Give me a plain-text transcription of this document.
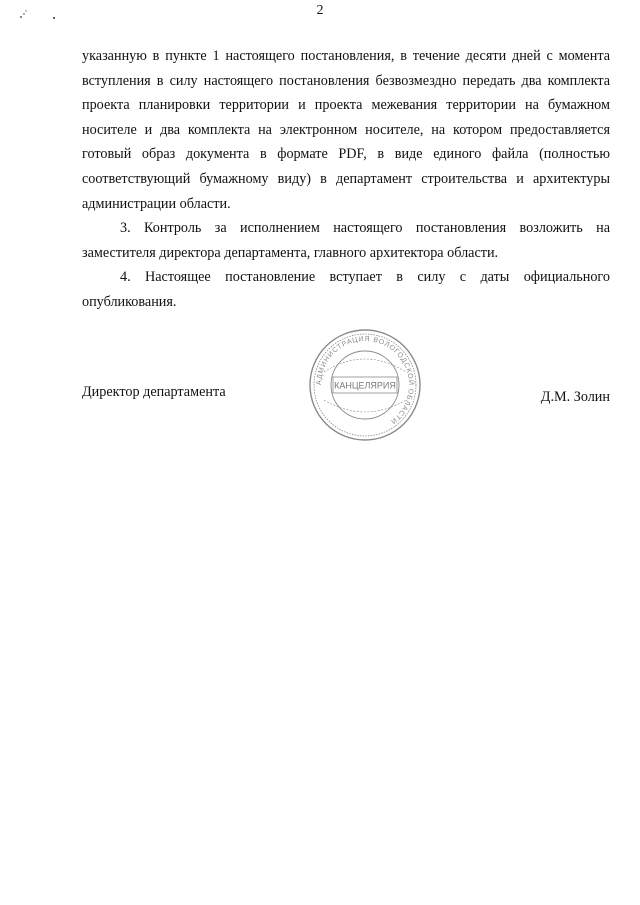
2

указанную в пункте 1 настоящего постановления, в течение десяти дней с момента вступления в силу настоящего постановления безвозмездно передать два комплекта проекта планировки территории и проекта межевания территории на бумажном носителе и два комплекта на электронном носителе, на котором предоставляется готовый образ документа в формате PDF, в виде единого файла (полностью соответствующий бумажному виду) в департамент строительства и архитектуры администрации области.

3. Контроль за исполнением настоящего постановления возложить на заместителя директора департамента, главного архитектора области.

4. Настоящее постановление вступает в силу с даты официального опубликования.

АДМИНИСТРАЦИЯ ВОЛОГОДСКОЙ ОБЛАСТИ
КАНЦЕЛЯРИЯ
Директор департамента	Д.М. Золин
